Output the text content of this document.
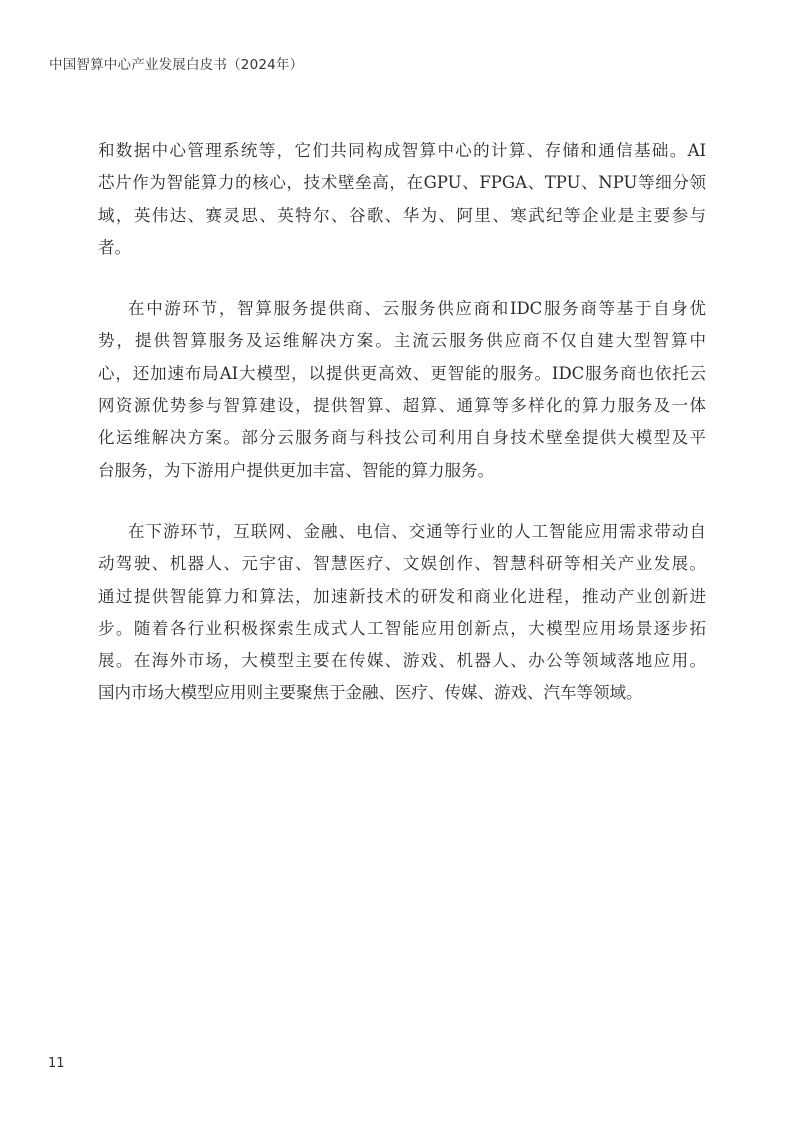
中国智算中心产业发展白皮书（2024年）
和数据中心管理系统等，它们共同构成智算中心的计算、存储和通信基础。AI
芯片作为智能算力的核心，技术壁垒高，在GPU、FPGA、TPU、NPU等细分领
域，英伟达、赛灵思、英特尔、谷歌、华为、阿里、寒武纪等企业是主要参与
者。
在中游环节，智算服务提供商、云服务供应商和IDC服务商等基于自身优
势，提供智算服务及运维解决方案。主流云服务供应商不仅自建大型智算中
心，还加速布局AI大模型，以提供更高效、更智能的服务。IDC服务商也依托云
网资源优势参与智算建设，提供智算、超算、通算等多样化的算力服务及一体
化运维解决方案。部分云服务商与科技公司利用自身技术壁垒提供大模型及平
台服务，为下游用户提供更加丰富、智能的算力服务。
在下游环节，互联网、金融、电信、交通等行业的人工智能应用需求带动自
动驾驶、机器人、元宇宙、智慧医疗、文娱创作、智慧科研等相关产业发展。
通过提供智能算力和算法，加速新技术的研发和商业化进程，推动产业创新进
步。随着各行业积极探索生成式人工智能应用创新点，大模型应用场景逐步拓
展。在海外市场，大模型主要在传媒、游戏、机器人、办公等领域落地应用。
国内市场大模型应用则主要聚焦于金融、医疗、传媒、游戏、汽车等领域。
11
